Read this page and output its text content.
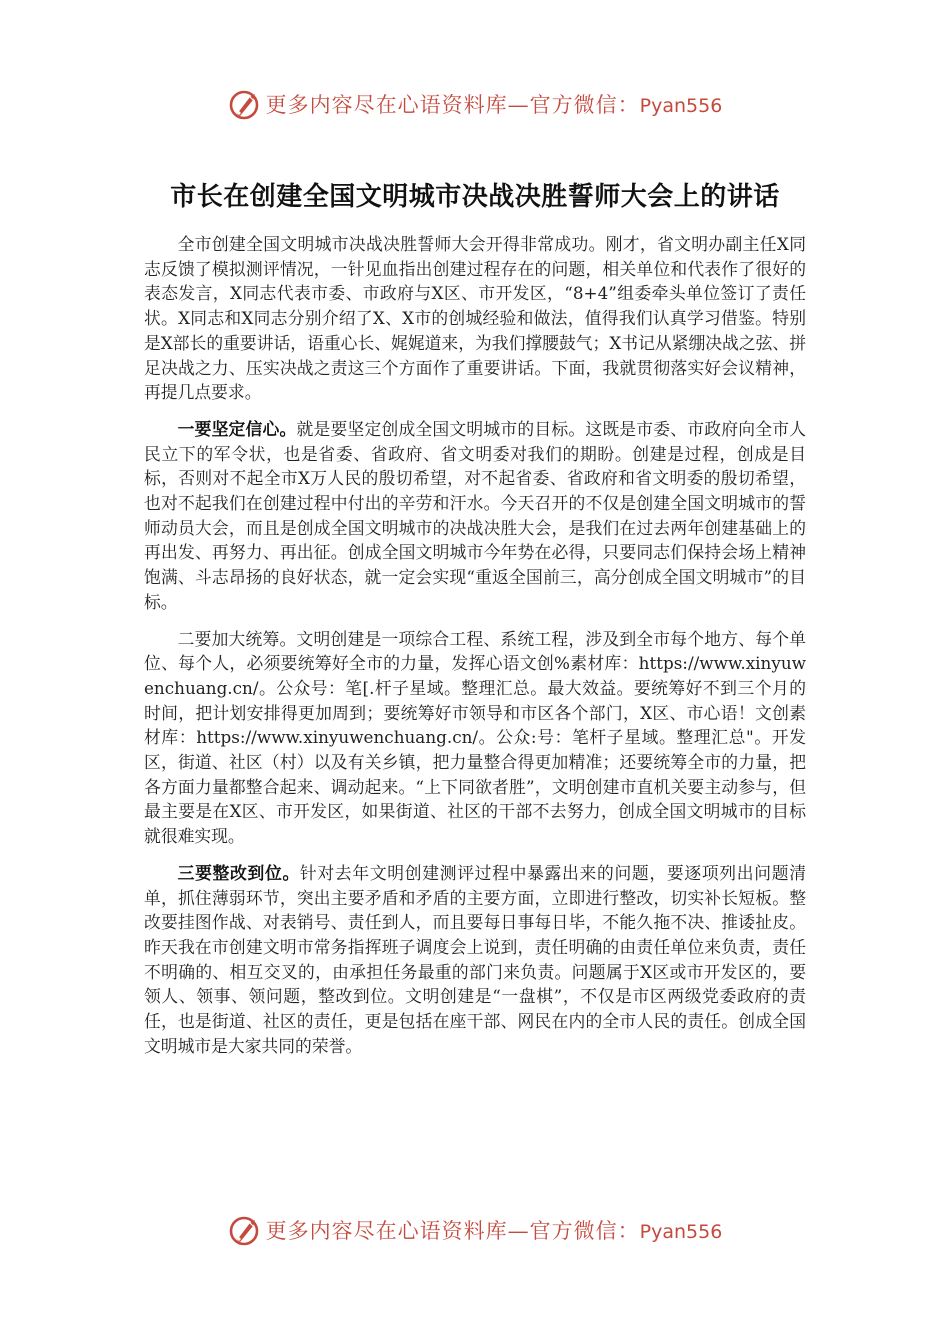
更多内容尽在心语资料库—官方微信：Pyan556
市长在创建全国文明城市决战决胜誓师大会上的讲话

全市创建全国文明城市决战决胜誓师大会开得非常成功。刚才，省文明办副主任X同志反馈了模拟测评情况，一针见血指出创建过程存在的问题，相关单位和代表作了很好的表态发言，X同志代表市委、市政府与X区、市开发区，“8+4”组委牵头单位签订了责任状。X同志和X同志分别介绍了X、X市的创城经验和做法，值得我们认真学习借鉴。特别是X部长的重要讲话，语重心长、娓娓道来，为我们撑腰鼓气；X书记从紧绷决战之弦、拼足决战之力、压实决战之责这三个方面作了重要讲话。下面，我就贯彻落实好会议精神，再提几点要求。

一要坚定信心。就是要坚定创成全国文明城市的目标。这既是市委、市政府向全市人民立下的军令状，也是省委、省政府、省文明委对我们的期盼。创建是过程，创成是目标，否则对不起全市X万人民的殷切希望，对不起省委、省政府和省文明委的殷切希望，也对不起我们在创建过程中付出的辛劳和汗水。今天召开的不仅是创建全国文明城市的誓师动员大会，而且是创成全国文明城市的决战决胜大会，是我们在过去两年创建基础上的再出发、再努力、再出征。创成全国文明城市今年势在必得，只要同志们保持会场上精神饱满、斗志昂扬的良好状态，就一定会实现“重返全国前三，高分创成全国文明城市”的目标。

二要加大统筹。文明创建是一项综合工程、系统工程，涉及到全市每个地方、每个单位、每个人，必须要统筹好全市的力量，发挥心语文创%素材库：https://www.xinyuwenchuang.cn/。公众号：笔[.杆子星域。整理汇总。最大效益。要统筹好不到三个月的时间，把计划安排得更加周到；要统筹好市领导和市区各个部门，X区、市心语！文创素材库：https://www.xinyuwenchuang.cn/。公众:号：笔杆子星域。整理汇总"。开发区，街道、社区（村）以及有关乡镇，把力量整合得更加精准；还要统筹全市的力量，把各方面力量都整合起来、调动起来。“上下同欲者胜”，文明创建市直机关要主动参与，但最主要是在X区、市开发区，如果街道、社区的干部不去努力，创成全国文明城市的目标就很难实现。

三要整改到位。针对去年文明创建测评过程中暴露出来的问题，要逐项列出问题清单，抓住薄弱环节，突出主要矛盾和矛盾的主要方面，立即进行整改，切实补长短板。整改要挂图作战、对表销号、责任到人，而且要每日事每日毕，不能久拖不决、推诿扯皮。昨天我在市创建文明市常务指挥班子调度会上说到，责任明确的由责任单位来负责，责任不明确的、相互交叉的，由承担任务最重的部门来负责。问题属于X区或市开发区的，要领人、领事、领问题，整改到位。文明创建是“一盘棋”，不仅是市区两级党委政府的责任，也是街道、社区的责任，更是包括在座干部、网民在内的全市人民的责任。创成全国文明城市是大家共同的荣誉。

更多内容尽在心语资料库—官方微信：Pyan556
